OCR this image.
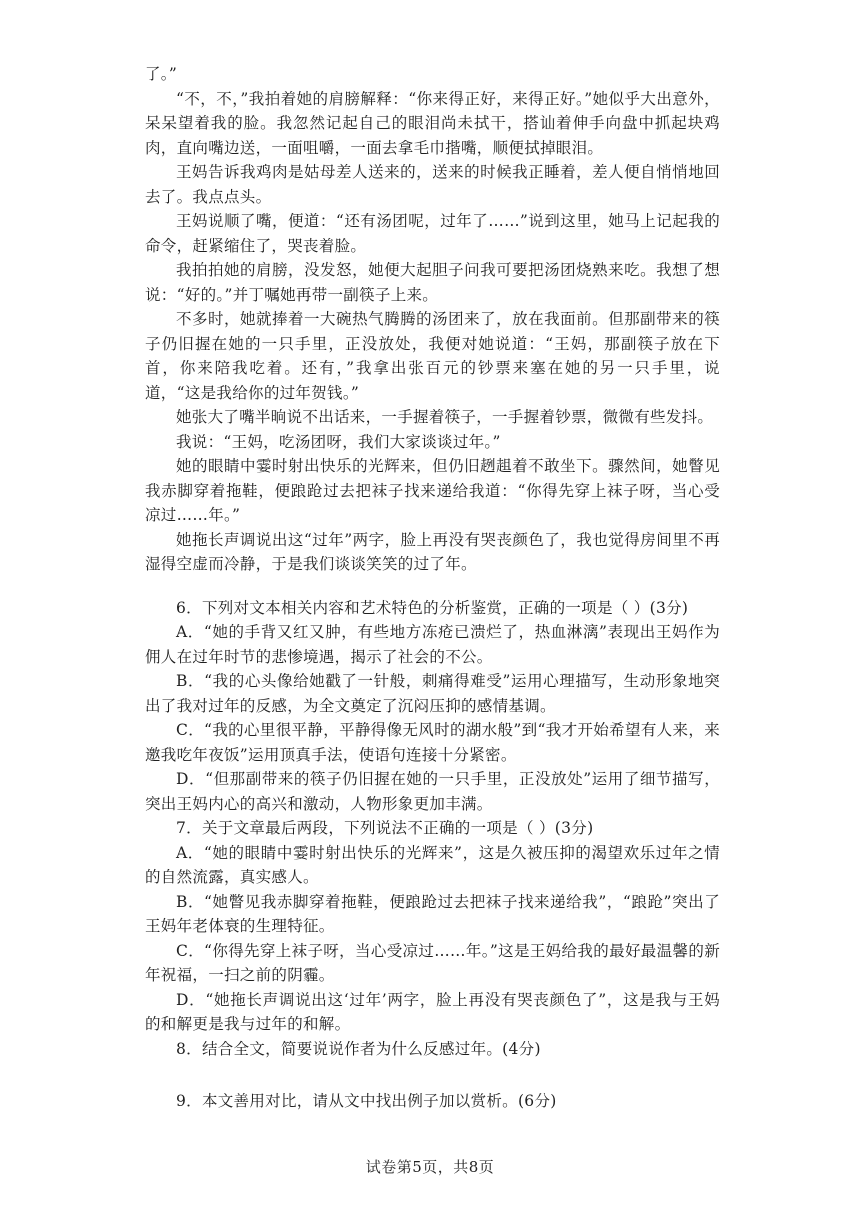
了。”

“不，不，”我拍着她的肩膀解释：“你来得正好，来得正好。”她似乎大出意外，呆呆望着我的脸。我忽然记起自己的眼泪尚未拭干，搭讪着伸手向盘中抓起块鸡肉，直向嘴边送，一面咀嚼，一面去拿毛巾揩嘴，顺便拭掉眼泪。

王妈告诉我鸡肉是姑母差人送来的，送来的时候我正睡着，差人便自悄悄地回去了。我点点头。

王妈说顺了嘴，便道：“还有汤团呢，过年了……”说到这里，她马上记起我的命令，赶紧缩住了，哭丧着脸。

我拍拍她的肩膀，没发怒，她便大起胆子问我可要把汤团烧熟来吃。我想了想说：“好的。”并丁嘱她再带一副筷子上来。

不多时，她就捧着一大碗热气腾腾的汤团来了，放在我面前。但那副带来的筷子仍旧握在她的一只手里，正没放处，我便对她说道：“王妈，那副筷子放在下首，你来陪我吃着。还有，”我拿出张百元的钞票来塞在她的另一只手里，说道，“这是我给你的过年贺钱。”

她张大了嘴半晌说不出话来，一手握着筷子，一手握着钞票，微微有些发抖。

我说：“王妈，吃汤团呀，我们大家谈谈过年。”

她的眼睛中霎时射出快乐的光辉来，但仍旧趔趄着不敢坐下。骤然间，她瞥见我赤脚穿着拖鞋，便踉跄过去把袜子找来递给我道：“你得先穿上袜子呀，当心受凉过……年。”

她拖长声调说出这“过年”两字，脸上再没有哭丧颜色了，我也觉得房间里不再湿得空虚而冷静，于是我们谈谈笑笑的过了年。

6．下列对文本相关内容和艺术特色的分析鉴赏，正确的一项是（ ）(3分)

A．“她的手背又红又肿，有些地方冻疮已溃烂了，热血淋漓”表现出王妈作为佣人在过年时节的悲惨境遇，揭示了社会的不公。

B．“我的心头像给她戳了一针般，刺痛得难受”运用心理描写，生动形象地突出了我对过年的反感，为全文奠定了沉闷压抑的感情基调。

C．“我的心里很平静，平静得像无风时的湖水般”到“我才开始希望有人来，来邀我吃年夜饭”运用顶真手法，使语句连接十分紧密。

D．“但那副带来的筷子仍旧握在她的一只手里，正没放处”运用了细节描写，突出王妈内心的高兴和激动，人物形象更加丰满。

7．关于文章最后两段，下列说法不正确的一项是（ ）(3分)

A．“她的眼睛中霎时射出快乐的光辉来”，这是久被压抑的渴望欢乐过年之情的自然流露，真实感人。

B．“她瞥见我赤脚穿着拖鞋，便踉跄过去把袜子找来递给我”，“踉跄”突出了王妈年老体衰的生理特征。

C．“你得先穿上袜子呀，当心受凉过……年。”这是王妈给我的最好最温馨的新年祝福，一扫之前的阴霾。

D．“她拖长声调说出这‘过年’两字，脸上再没有哭丧颜色了”，这是我与王妈的和解更是我与过年的和解。

8．结合全文，简要说说作者为什么反感过年。(4分)

9．本文善用对比，请从文中找出例子加以赏析。(6分)

试卷第5页，共8页
